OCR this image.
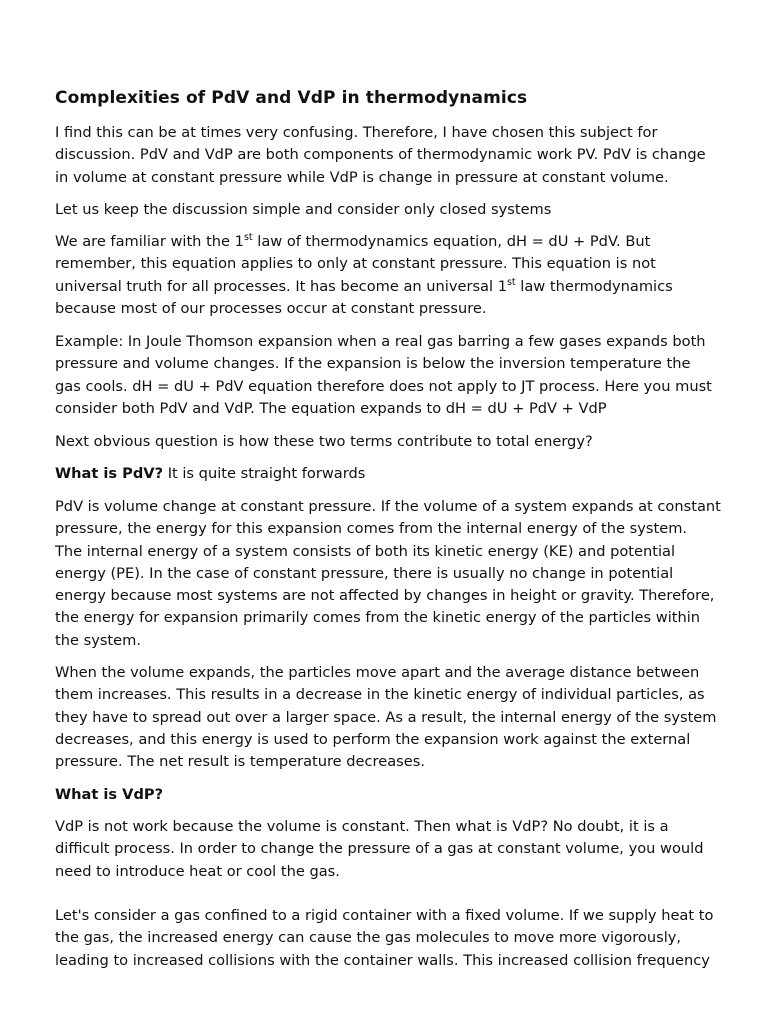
Complexities of PdV and VdP in thermodynamics

I find this can be at times very confusing. Therefore, I have chosen this subject for
discussion. PdV and VdP are both components of thermodynamic work PV. PdV is change
in volume at constant pressure while VdP is change in pressure at constant volume.

Let us keep the discussion simple and consider only closed systems

We are familiar with the 1st law of thermodynamics equation, dH = dU + PdV. But
remember, this equation applies to only at constant pressure. This equation is not
universal truth for all processes. It has become an universal 1st law thermodynamics
because most of our processes occur at constant pressure.

Example: In Joule Thomson expansion when a real gas barring a few gases expands both
pressure and volume changes. If the expansion is below the inversion temperature the
gas cools. dH = dU + PdV equation therefore does not apply to JT process. Here you must
consider both PdV and VdP. The equation expands to dH = dU + PdV + VdP

Next obvious question is how these two terms contribute to total energy?

What is PdV? It is quite straight forwards

PdV is volume change at constant pressure. If the volume of a system expands at constant
pressure, the energy for this expansion comes from the internal energy of the system.
The internal energy of a system consists of both its kinetic energy (KE) and potential
energy (PE). In the case of constant pressure, there is usually no change in potential
energy because most systems are not affected by changes in height or gravity. Therefore,
the energy for expansion primarily comes from the kinetic energy of the particles within
the system.

When the volume expands, the particles move apart and the average distance between
them increases. This results in a decrease in the kinetic energy of individual particles, as
they have to spread out over a larger space. As a result, the internal energy of the system
decreases, and this energy is used to perform the expansion work against the external
pressure. The net result is temperature decreases.

What is VdP?

VdP is not work because the volume is constant. Then what is VdP? No doubt, it is a
difficult process. In order to change the pressure of a gas at constant volume, you would
need to introduce heat or cool the gas.

Let's consider a gas confined to a rigid container with a fixed volume. If we supply heat to
the gas, the increased energy can cause the gas molecules to move more vigorously,
leading to increased collisions with the container walls. This increased collision frequency
